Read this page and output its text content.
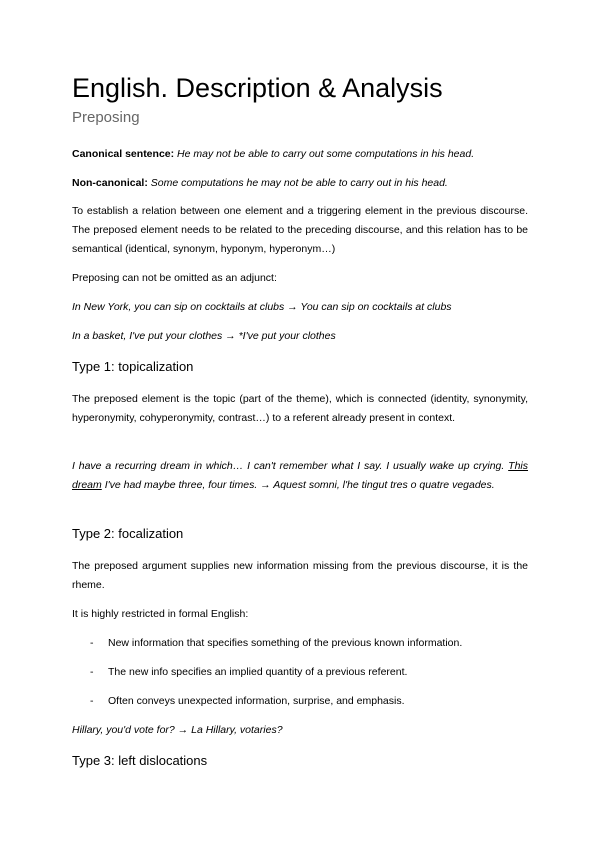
English. Description & Analysis
Preposing
Canonical sentence: He may not be able to carry out some computations in his head.
Non-canonical: Some computations he may not be able to carry out in his head.
To establish a relation between one element and a triggering element in the previous discourse. The preposed element needs to be related to the preceding discourse, and this relation has to be semantical (identical, synonym, hyponym, hyperonym…)
Preposing can not be omitted as an adjunct:
In New York, you can sip on cocktails at clubs → You can sip on cocktails at clubs
In a basket, I've put your clothes → *I've put your clothes
Type 1: topicalization
The preposed element is the topic (part of the theme), which is connected (identity, synonymity, hyperonymity, cohyperonymity, contrast…) to a referent already present in context.
I have a recurring dream in which… I can't remember what I say. I usually wake up crying. This dream I've had maybe three, four times. → Aquest somni, l'he tingut tres o quatre vegades.
Type 2: focalization
The preposed argument supplies new information missing from the previous discourse, it is the rheme.
It is highly restricted in formal English:
- New information that specifies something of the previous known information.
- The new info specifies an implied quantity of a previous referent.
- Often conveys unexpected information, surprise, and emphasis.
Hillary, you'd vote for? → La Hillary, votaries?
Type 3: left dislocations
